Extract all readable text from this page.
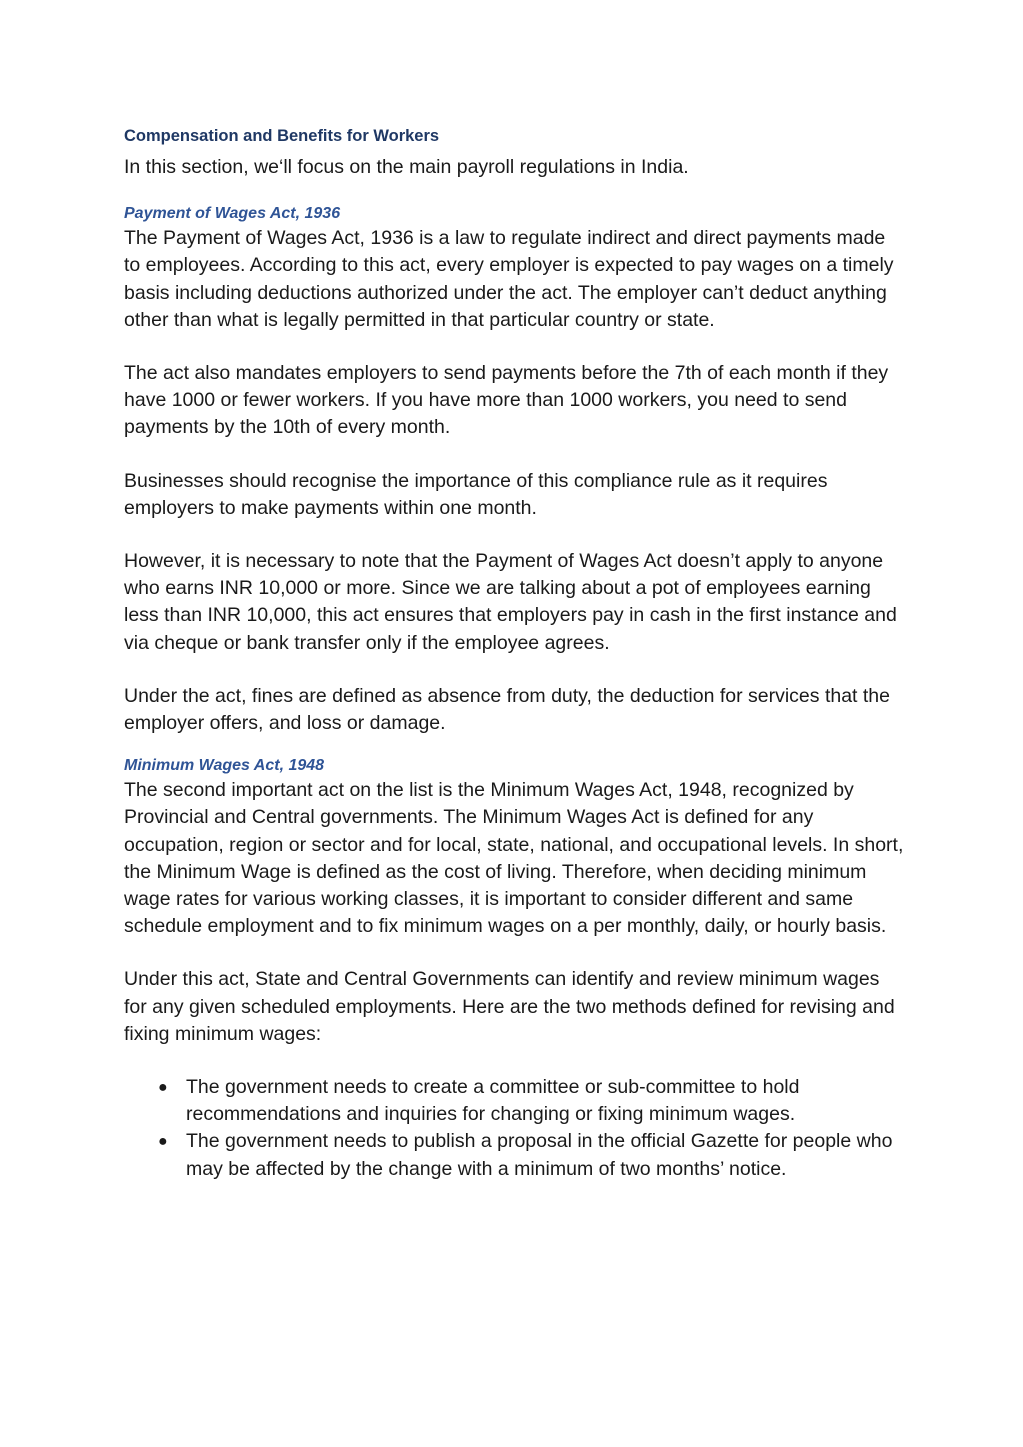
Compensation and Benefits for Workers

In this section, we‘ll focus on the main payroll regulations in India.

Payment of Wages Act, 1936

The Payment of Wages Act, 1936 is a law to regulate indirect and direct payments made to employees. According to this act, every employer is expected to pay wages on a timely basis including deductions authorized under the act. The employer can’t deduct anything other than what is legally permitted in that particular country or state.

The act also mandates employers to send payments before the 7th of each month if they have 1000 or fewer workers. If you have more than 1000 workers, you need to send payments by the 10th of every month.

Businesses should recognise the importance of this compliance rule as it requires employers to make payments within one month.

However, it is necessary to note that the Payment of Wages Act doesn’t apply to anyone who earns INR 10,000 or more. Since we are talking about a pot of employees earning less than INR 10,000, this act ensures that employers pay in cash in the first instance and via cheque or bank transfer only if the employee agrees.

Under the act, fines are defined as absence from duty, the deduction for services that the employer offers, and loss or damage.

Minimum Wages Act, 1948

The second important act on the list is the Minimum Wages Act, 1948, recognized by Provincial and Central governments. The Minimum Wages Act is defined for any occupation, region or sector and for local, state, national, and occupational levels. In short, the Minimum Wage is defined as the cost of living. Therefore, when deciding minimum wage rates for various working classes, it is important to consider different and same schedule employment and to fix minimum wages on a per monthly, daily, or hourly basis.

Under this act, State and Central Governments can identify and review minimum wages for any given scheduled employments. Here are the two methods defined for revising and fixing minimum wages:

● The government needs to create a committee or sub-committee to hold recommendations and inquiries for changing or fixing minimum wages.
● The government needs to publish a proposal in the official Gazette for people who may be affected by the change with a minimum of two months’ notice.
